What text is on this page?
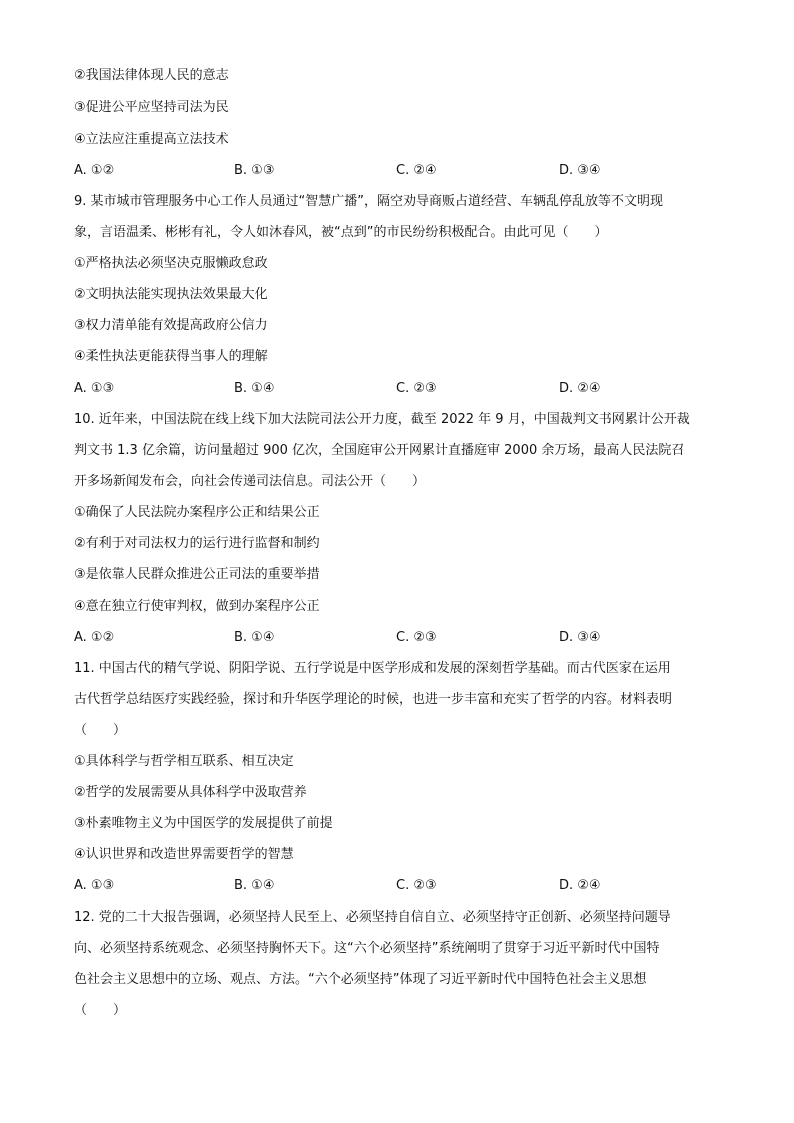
②我国法律体现人民的意志
③促进公平应坚持司法为民
④立法应注重提高立法技术
A. ①②	B. ①③	C. ②④	D. ③④
9. 某市城市管理服务中心工作人员通过“智慧广播”，隔空劝导商贩占道经营、车辆乱停乱放等不文明现
象，言语温柔、彬彬有礼，令人如沐春风，被“点到”的市民纷纷积极配合。由此可见（　　）
①严格执法必须坚决克服懒政怠政
②文明执法能实现执法效果最大化
③权力清单能有效提高政府公信力
④柔性执法更能获得当事人的理解
A. ①③	B. ①④	C. ②③	D. ②④
10. 近年来，中国法院在线上线下加大法院司法公开力度，截至 2022 年 9 月，中国裁判文书网累计公开裁
判文书 1.3 亿余篇，访问量超过 900 亿次，全国庭审公开网累计直播庭审 2000 余万场，最高人民法院召
开多场新闻发布会，向社会传递司法信息。司法公开（　　）
①确保了人民法院办案程序公正和结果公正
②有利于对司法权力的运行进行监督和制约
③是依靠人民群众推进公正司法的重要举措
④意在独立行使审判权，做到办案程序公正
A. ①②	B. ①④	C. ②③	D. ③④
11. 中国古代的精气学说、阴阳学说、五行学说是中医学形成和发展的深刻哲学基础。而古代医家在运用
古代哲学总结医疗实践经验，探讨和升华医学理论的时候，也进一步丰富和充实了哲学的内容。材料表明
（　　）
①具体科学与哲学相互联系、相互决定
②哲学的发展需要从具体科学中汲取营养
③朴素唯物主义为中国医学的发展提供了前提
④认识世界和改造世界需要哲学的智慧
A. ①③	B. ①④	C. ②③	D. ②④
12. 党的二十大报告强调，必须坚持人民至上、必须坚持自信自立、必须坚持守正创新、必须坚持问题导
向、必须坚持系统观念、必须坚持胸怀天下。这“六个必须坚持”系统阐明了贯穿于习近平新时代中国特
色社会主义思想中的立场、观点、方法。“六个必须坚持”体现了习近平新时代中国特色社会主义思想
（　　）
